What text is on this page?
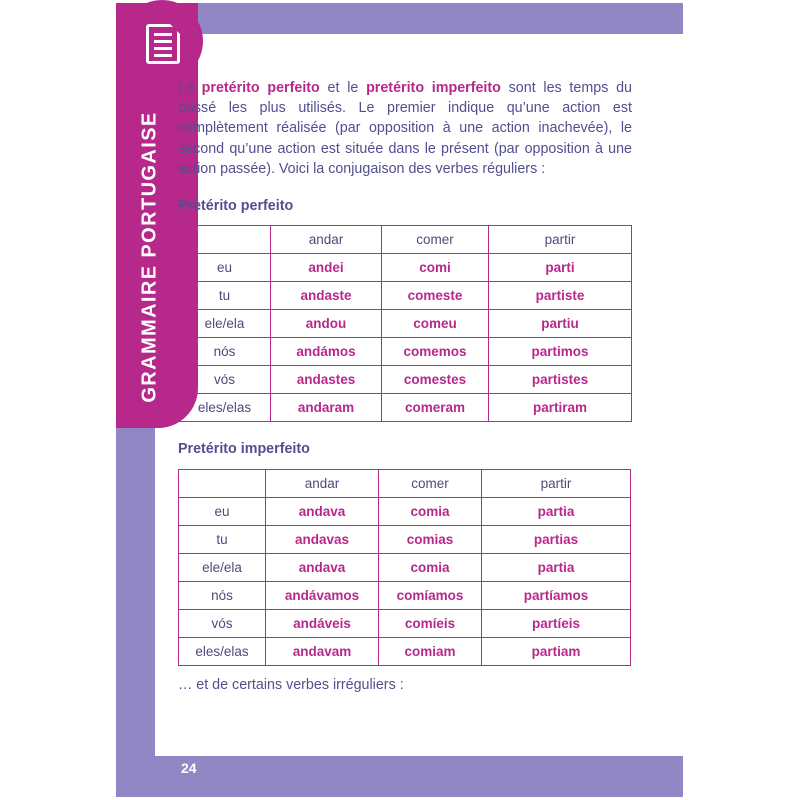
GRAMMAIRE PORTUGAISE
Le pretérito perfeito et le pretérito imperfeito sont les temps du passé les plus utilisés. Le premier indique qu’une action est complètement réalisée (par opposition à une action inachevée), le second qu’une action est située dans le présent (par opposition à une action passée). Voici la conjugaison des verbes réguliers :
Pretérito perfeito
	andar	comer	partir
eu	andei	comi	parti
tu	andaste	comeste	partiste
ele/ela	andou	comeu	partiu
nós	andámos	comemos	partimos
vós	andastes	comestes	partistes
eles/elas	andaram	comeram	partiram
Pretérito imperfeito
	andar	comer	partir
eu	andava	comia	partia
tu	andavas	comias	partias
ele/ela	andava	comia	partia
nós	andávamos	comíamos	partíamos
vós	andáveis	comíeis	partíeis
eles/elas	andavam	comiam	partiam
… et de certains verbes irréguliers :
24
